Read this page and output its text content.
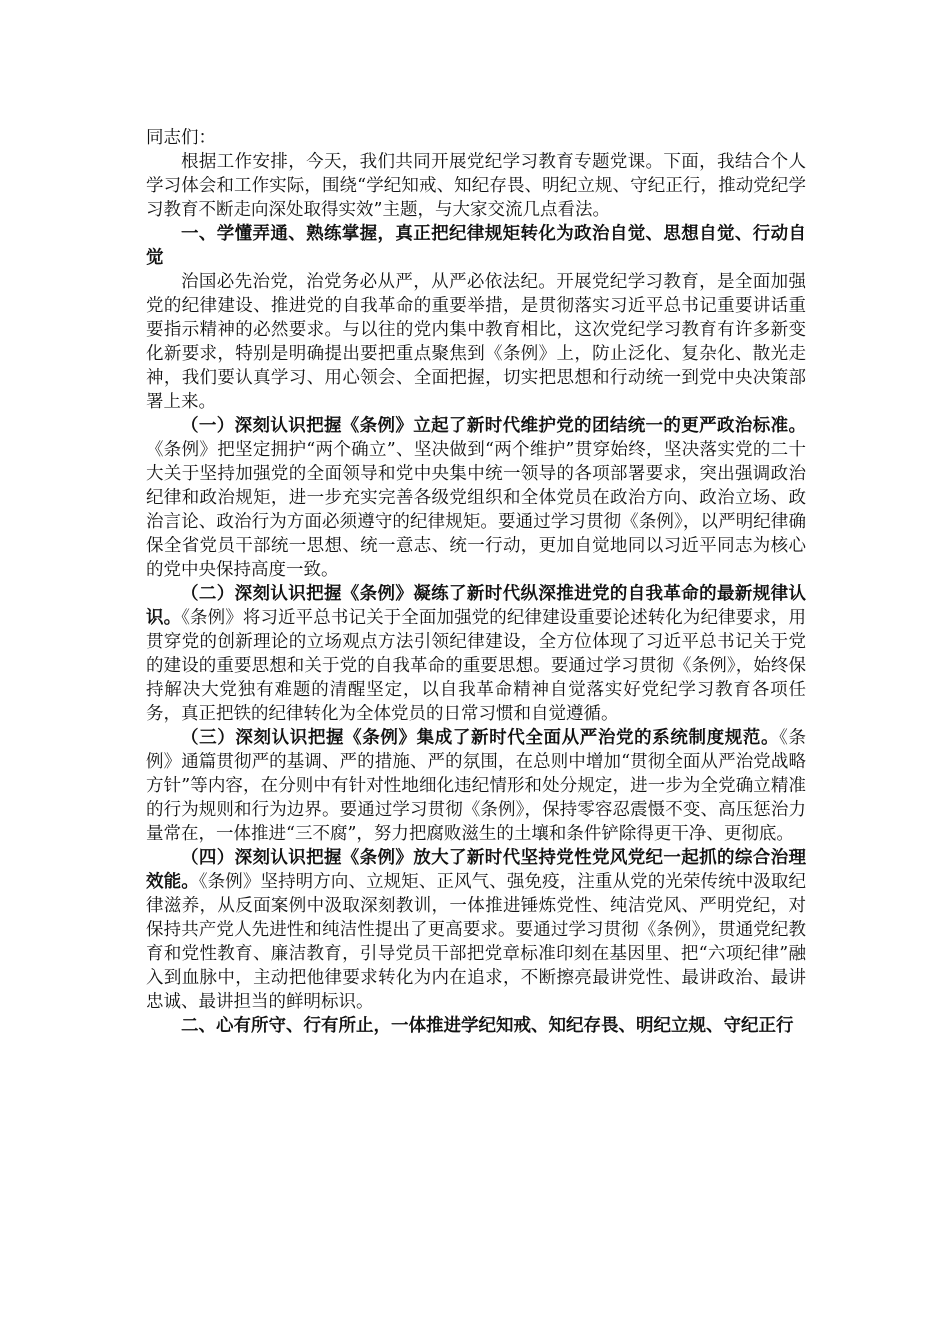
同志们：

根据工作安排，今天，我们共同开展党纪学习教育专题党课。下面，我结合个人学习体会和工作实际，围绕“学纪知戒、知纪存畏、明纪立规、守纪正行，推动党纪学习教育不断走向深处取得实效”主题，与大家交流几点看法。

一、学懂弄通、熟练掌握，真正把纪律规矩转化为政治自觉、思想自觉、行动自觉

治国必先治党，治党务必从严，从严必依法纪。开展党纪学习教育，是全面加强党的纪律建设、推进党的自我革命的重要举措，是贯彻落实习近平总书记重要讲话重要指示精神的必然要求。与以往的党内集中教育相比，这次党纪学习教育有许多新变化新要求，特别是明确提出要把重点聚焦到《条例》上，防止泛化、复杂化、散光走神，我们要认真学习、用心领会、全面把握，切实把思想和行动统一到党中央决策部署上来。

（一）深刻认识把握《条例》立起了新时代维护党的团结统一的更严政治标准。《条例》把坚定拥护“两个确立”、坚决做到“两个维护”贯穿始终，坚决落实党的二十大关于坚持加强党的全面领导和党中央集中统一领导的各项部署要求，突出强调政治纪律和政治规矩，进一步充实完善各级党组织和全体党员在政治方向、政治立场、政治言论、政治行为方面必须遵守的纪律规矩。要通过学习贯彻《条例》，以严明纪律确保全省党员干部统一思想、统一意志、统一行动，更加自觉地同以习近平同志为核心的党中央保持高度一致。

（二）深刻认识把握《条例》凝练了新时代纵深推进党的自我革命的最新规律认识。《条例》将习近平总书记关于全面加强党的纪律建设重要论述转化为纪律要求，用贯穿党的创新理论的立场观点方法引领纪律建设，全方位体现了习近平总书记关于党的建设的重要思想和关于党的自我革命的重要思想。要通过学习贯彻《条例》，始终保持解决大党独有难题的清醒坚定，以自我革命精神自觉落实好党纪学习教育各项任务，真正把铁的纪律转化为全体党员的日常习惯和自觉遵循。

（三）深刻认识把握《条例》集成了新时代全面从严治党的系统制度规范。《条例》通篇贯彻严的基调、严的措施、严的氛围，在总则中增加“贯彻全面从严治党战略方针”等内容，在分则中有针对性地细化违纪情形和处分规定，进一步为全党确立精准的行为规则和行为边界。要通过学习贯彻《条例》，保持零容忍震慑不变、高压惩治力量常在，一体推进“三不腐”，努力把腐败滋生的土壤和条件铲除得更干净、更彻底。

（四）深刻认识把握《条例》放大了新时代坚持党性党风党纪一起抓的综合治理效能。《条例》坚持明方向、立规矩、正风气、强免疫，注重从党的光荣传统中汲取纪律滋养，从反面案例中汲取深刻教训，一体推进锤炼党性、纯洁党风、严明党纪，对保持共产党人先进性和纯洁性提出了更高要求。要通过学习贯彻《条例》，贯通党纪教育和党性教育、廉洁教育，引导党员干部把党章标准印刻在基因里、把“六项纪律”融入到血脉中，主动把他律要求转化为内在追求，不断擦亮最讲党性、最讲政治、最讲忠诚、最讲担当的鲜明标识。

二、心有所守、行有所止，一体推进学纪知戒、知纪存畏、明纪立规、守纪正行
